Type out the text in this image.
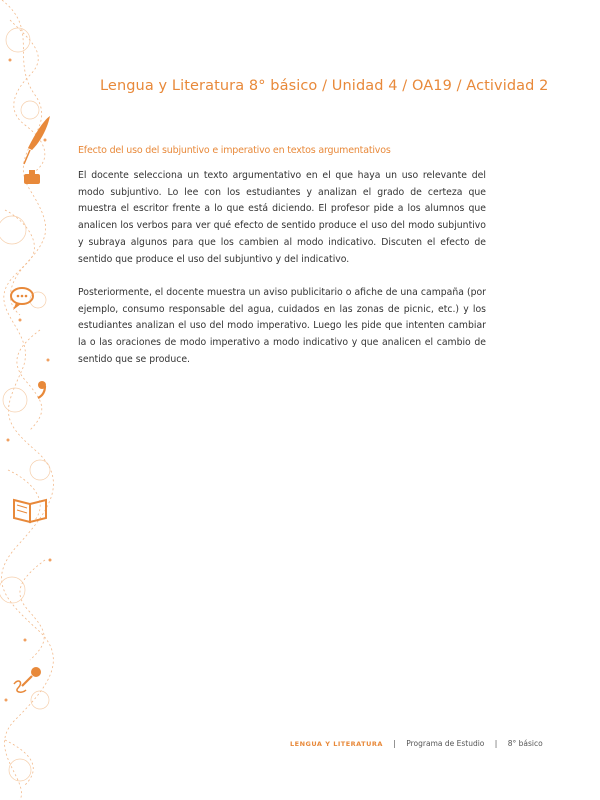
Lengua y Literatura 8° básico / Unidad 4 / OA19 / Actividad 2
Efecto del uso del subjuntivo e imperativo en textos argumentativos

El docente selecciona un texto argumentativo en el que haya un uso relevante del modo subjuntivo. Lo lee con los estudiantes y analizan el grado de certeza que muestra el escritor frente a lo que está diciendo. El profesor pide a los alumnos que analicen los verbos para ver qué efecto de sentido produce el uso del modo subjuntivo y subraya algunos para que los cambien al modo indicativo. Discuten el efecto de sentido que produce el uso del subjuntivo y del indicativo.

Posteriormente, el docente muestra un aviso publicitario o afiche de una campaña (por ejemplo, consumo responsable del agua, cuidados en las zonas de picnic, etc.) y los estudiantes analizan el uso del modo imperativo. Luego les pide que intenten cambiar la o las oraciones de modo imperativo a modo indicativo y que analicen el cambio de sentido que se produce.

LENGUA Y LITERATURA | Programa de Estudio | 8° básico
